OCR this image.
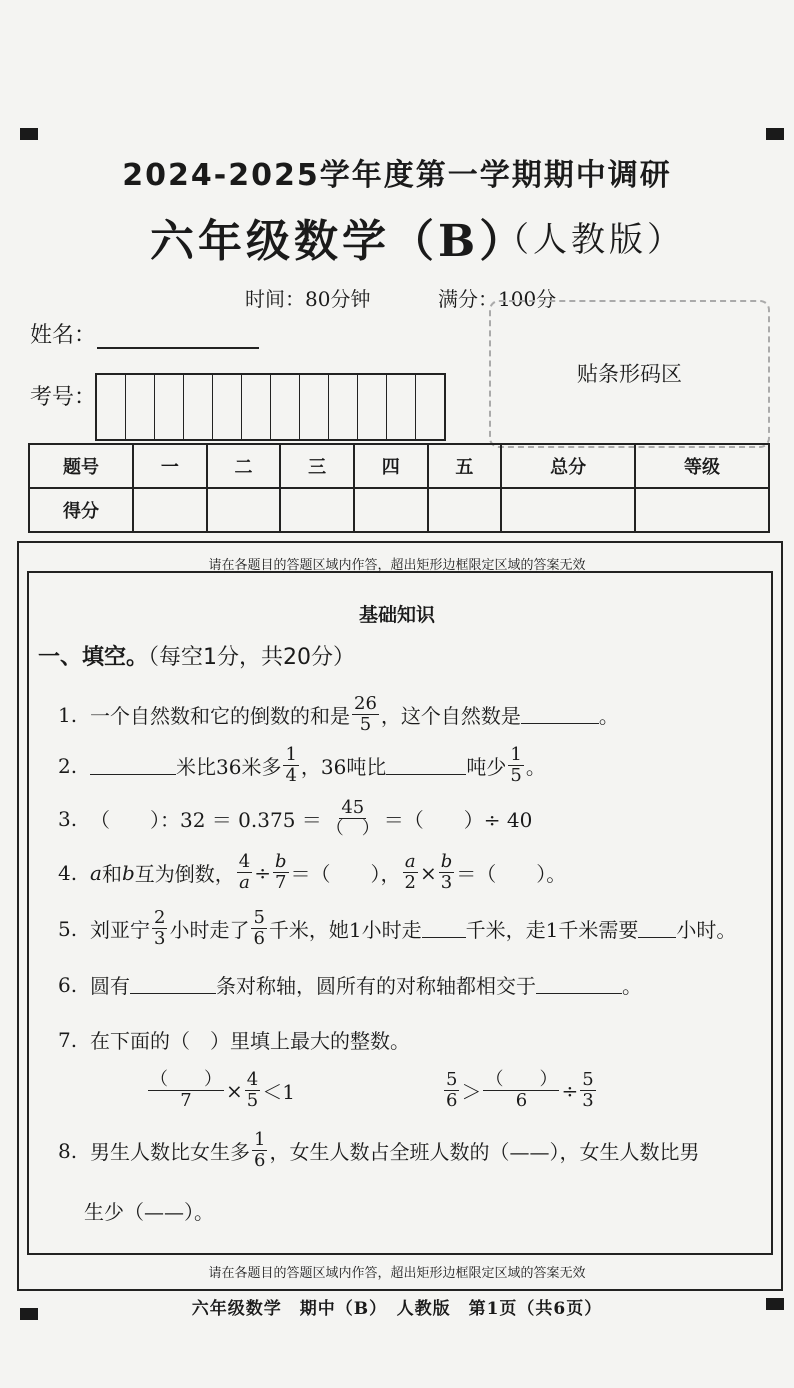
2024-2025学年度第一学期期中调研
六年级数学（B）
（人教版）
时间：80分钟	满分：100分
姓名：
考号：
贴条形码区
题号	一	二	三	四	五	总分	等级
得分							
请在各题目的答题区域内作答，超出矩形边框限定区域的答案无效
请在各题目的答题区域内作答，超出矩形边框限定区域的答案无效
基础知识
一、填空。（每空1分，共20分）
1. 一个自然数和它的倒数的和是 $\frac{26}{5}$ ，这个自然数是	。
2.	米比36米多 $\frac{1}{4}$ ，36吨比	吨少 $\frac{1}{5}$ 。
3. （　　）：$32 = 0.375 = \frac{45}{( )}$ ＝（　　）÷ 40
4. a 和 b 互为倒数， $\frac{4}{a} \div \frac{b}{7}$ ＝（　　）， $\frac{a}{2} \times \frac{b}{3}$ ＝（　　）。
5. 刘亚宁 $\frac{2}{3}$ 小时走了 $\frac{5}{6}$ 千米，她1小时走 千米，走1千米需要 小时。
6. 圆有	条对称轴，圆所有的对称轴都相交于	。
7. 在下面的（　）里填上最大的整数。
$\frac{( )}{7} \times \frac{4}{5} <1$	$\frac{5}{6} > \frac{( )}{6} \div \frac{5}{3}$
8. 男生人数比女生多 $\frac{1}{6}$ ，女生人数占全班人数的（——），女生人数比男
生少（——）。
六年级数学　期中（B）　人教版　第1页（共6页）
